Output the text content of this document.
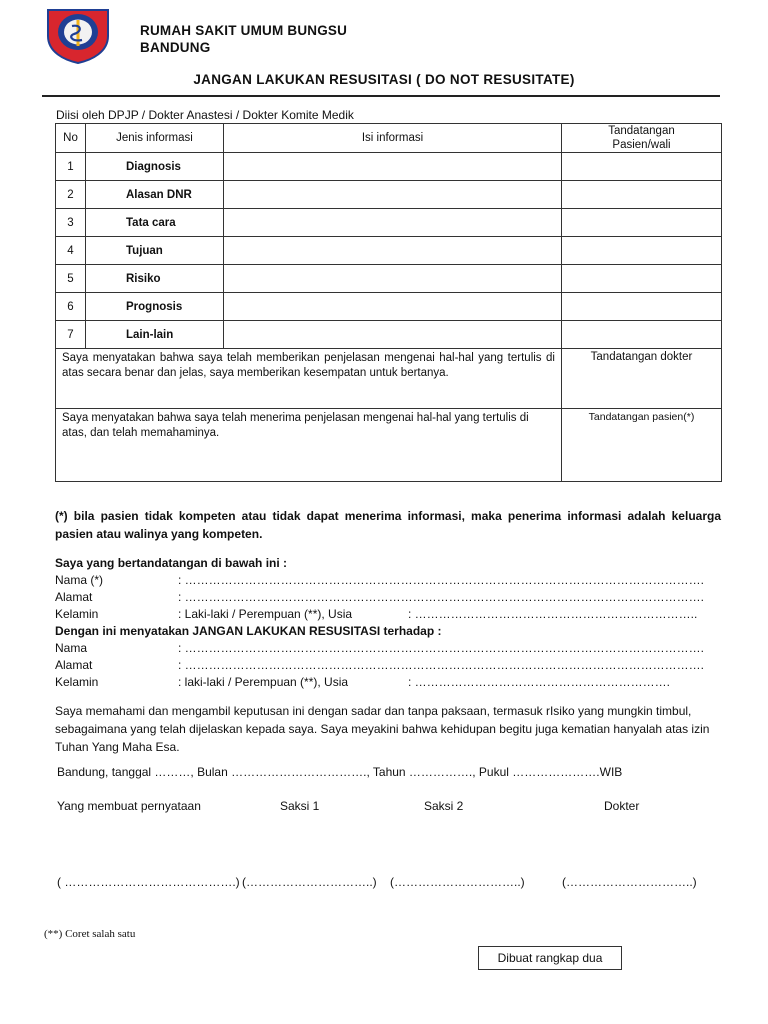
RUMAH SAKIT UMUM BUNGSU
BANDUNG
JANGAN LAKUKAN RESUSITASI ( DO NOT RESUSITATE)
Diisi oleh DPJP / Dokter Anastesi / Dokter Komite Medik
No	Jenis informasi	Isi informasi	Tandatangan
Pasien/wali
1	Diagnosis		
2	Alasan DNR		
3	Tata cara		
4	Tujuan		
5	Risiko		
6	Prognosis		
7	Lain-lain		
Saya menyatakan bahwa saya telah memberikan penjelasan mengenai hal-hal yang tertulis di atas secara benar dan jelas, saya memberikan kesempatan untuk bertanya.			Tandatangan dokter
Saya menyatakan bahwa saya telah menerima penjelasan mengenai hal-hal yang tertulis di atas, dan telah memahaminya.			Tandatangan pasien(*)
(*) bila pasien tidak kompeten atau tidak dapat menerima informasi, maka penerima informasi adalah keluarga pasien atau walinya yang kompeten.
Saya yang bertandatangan di bawah ini :
Nama (*)	: ………………………………………………………………………………………………………………….
Alamat	: ………………………………………………………………………………………………………………….
Kelamin	: Laki-laki / Perempuan (**), Usia	: ……………………………………………………………..
Dengan ini menyatakan JANGAN LAKUKAN RESUSITASI terhadap :
Nama	: ………………………………………………………………………………………………………………….
Alamat	: ………………………………………………………………………………………………………………….
Kelamin	: laki-laki / Perempuan (**), Usia	: ……………………………………………………….
Saya memahami dan mengambil keputusan ini dengan sadar dan tanpa paksaan, termasuk rIsiko yang mungkin timbul, sebagaimana yang telah dijelaskan kepada saya. Saya meyakini bahwa kehidupan begitu juga kematian hanyalah atas izin Tuhan Yang Maha Esa.
Bandung, tanggal ………, Bulan ……………………………., Tahun ……………., Pukul ………………….WIB
Yang membuat pernyataan	Saksi 1	Saksi 2	Dokter
( …………………………………….) (…………………………..) (…………………………..)	(…………………………..)
(**) Coret salah satu
Dibuat rangkap dua
